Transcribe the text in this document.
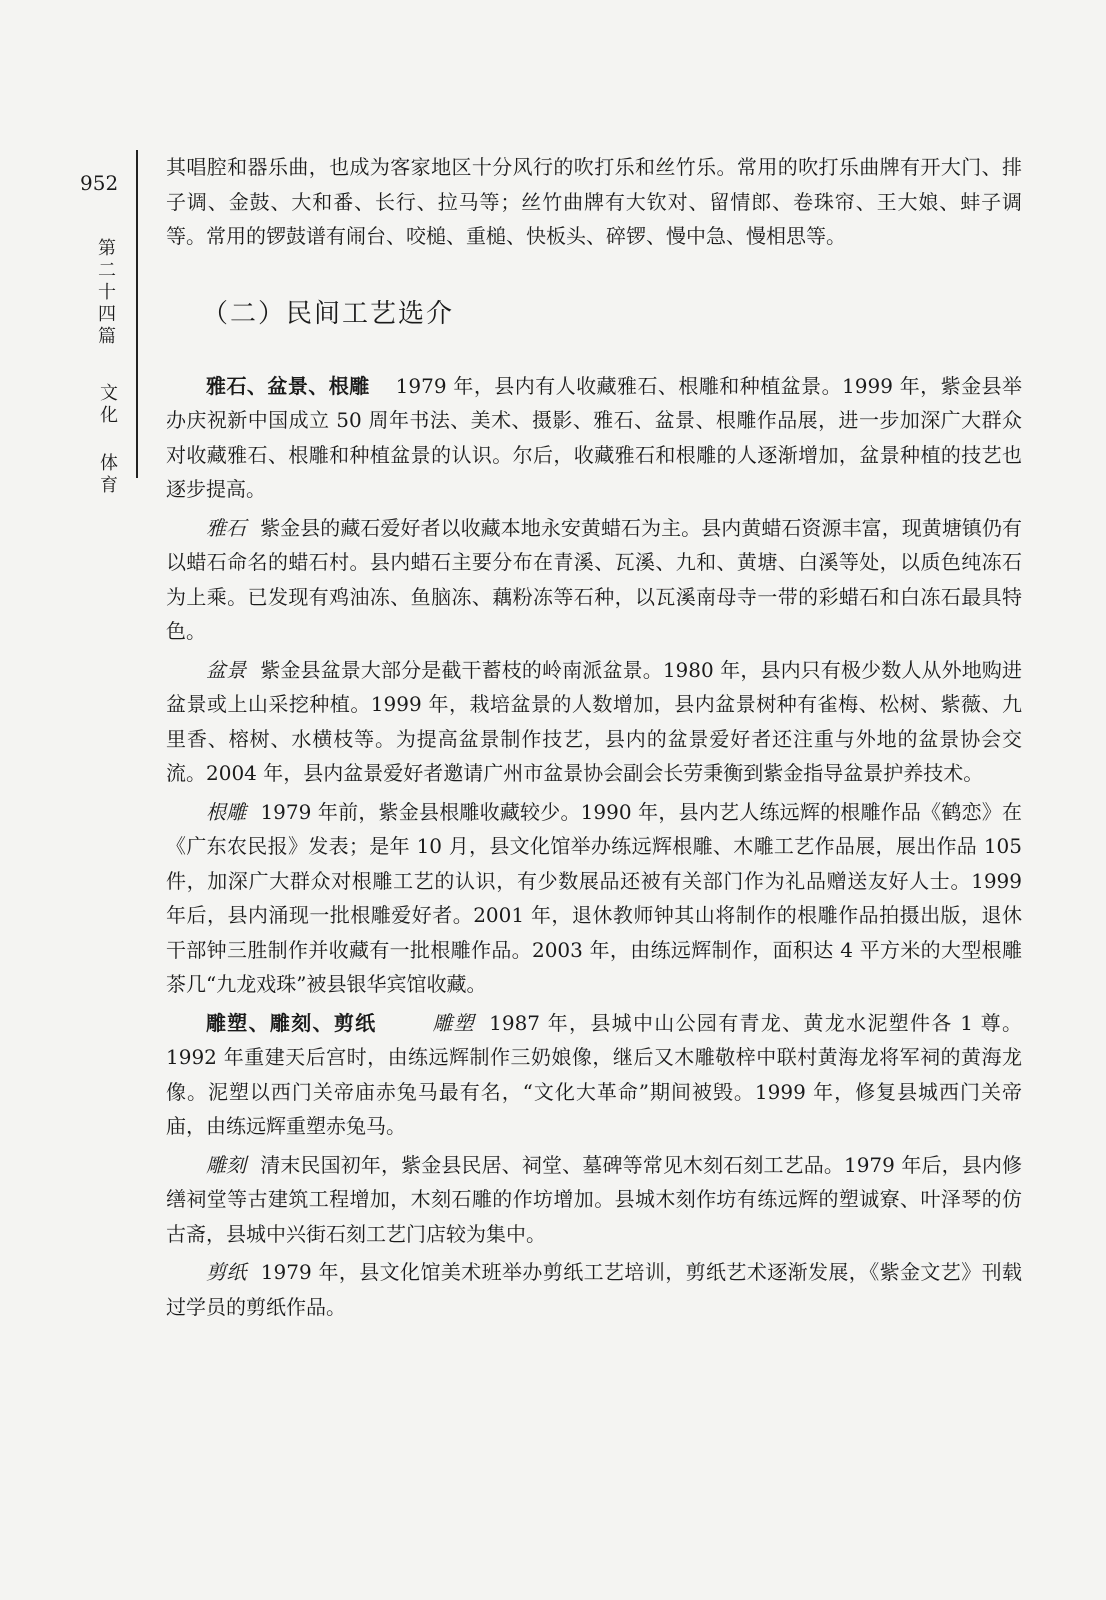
952
第二十四篇
文化
体育

其唱腔和器乐曲，也成为客家地区十分风行的吹打乐和丝竹乐。常用的吹打乐曲牌有开大门、排子调、金鼓、大和番、长行、拉马等；丝竹曲牌有大钦对、留情郎、卷珠帘、王大娘、蚌子调等。常用的锣鼓谱有闹台、咬槌、重槌、快板头、碎锣、慢中急、慢相思等。

（二）民间工艺选介

雅石、盆景、根雕 1979 年，县内有人收藏雅石、根雕和种植盆景。1999 年，紫金县举办庆祝新中国成立 50 周年书法、美术、摄影、雅石、盆景、根雕作品展，进一步加深广大群众对收藏雅石、根雕和种植盆景的认识。尔后，收藏雅石和根雕的人逐渐增加，盆景种植的技艺也逐步提高。

雅石 紫金县的藏石爱好者以收藏本地永安黄蜡石为主。县内黄蜡石资源丰富，现黄塘镇仍有以蜡石命名的蜡石村。县内蜡石主要分布在青溪、瓦溪、九和、黄塘、白溪等处，以质色纯冻石为上乘。已发现有鸡油冻、鱼脑冻、藕粉冻等石种，以瓦溪南母寺一带的彩蜡石和白冻石最具特色。

盆景 紫金县盆景大部分是截干蓄枝的岭南派盆景。1980 年，县内只有极少数人从外地购进盆景或上山采挖种植。1999 年，栽培盆景的人数增加，县内盆景树种有雀梅、松树、紫薇、九里香、榕树、水横枝等。为提高盆景制作技艺，县内的盆景爱好者还注重与外地的盆景协会交流。2004 年，县内盆景爱好者邀请广州市盆景协会副会长劳秉衡到紫金指导盆景护养技术。

根雕 1979 年前，紫金县根雕收藏较少。1990 年，县内艺人练远辉的根雕作品《鹤恋》在《广东农民报》发表；是年 10 月，县文化馆举办练远辉根雕、木雕工艺作品展，展出作品 105 件，加深广大群众对根雕工艺的认识，有少数展品还被有关部门作为礼品赠送友好人士。1999 年后，县内涌现一批根雕爱好者。2001 年，退休教师钟其山将制作的根雕作品拍摄出版，退休干部钟三胜制作并收藏有一批根雕作品。2003 年，由练远辉制作，面积达 4 平方米的大型根雕茶几“九龙戏珠”被县银华宾馆收藏。

雕塑、雕刻、剪纸	雕塑 1987 年，县城中山公园有青龙、黄龙水泥塑件各 1 尊。1992 年重建天后宫时，由练远辉制作三奶娘像，继后又木雕敬梓中联村黄海龙将军祠的黄海龙像。泥塑以西门关帝庙赤兔马最有名，“文化大革命”期间被毁。1999 年，修复县城西门关帝庙，由练远辉重塑赤兔马。

雕刻 清末民国初年，紫金县民居、祠堂、墓碑等常见木刻石刻工艺品。1979 年后，县内修缮祠堂等古建筑工程增加，木刻石雕的作坊增加。县城木刻作坊有练远辉的塑诚寮、叶泽琴的仿古斋，县城中兴街石刻工艺门店较为集中。

剪纸 1979 年，县文化馆美术班举办剪纸工艺培训，剪纸艺术逐渐发展，《紫金文艺》刊载过学员的剪纸作品。
